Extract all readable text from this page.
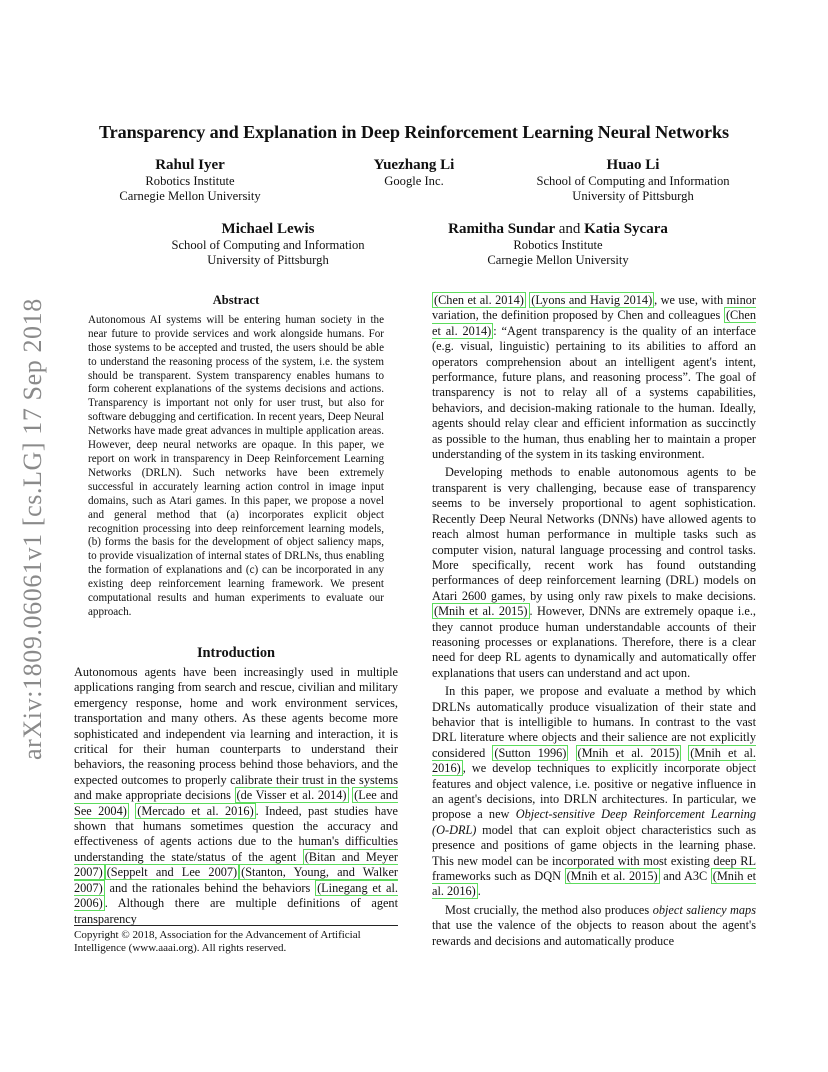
arXiv:1809.06061v1 [cs.LG] 17 Sep 2018
Transparency and Explanation in Deep Reinforcement Learning Neural Networks
Rahul Iyer
Robotics Institute
Carnegie Mellon University
Yuezhang Li
Google Inc.
Huao Li
School of Computing and Information
University of Pittsburgh
Michael Lewis
School of Computing and Information
University of Pittsburgh
Ramitha Sundar and Katia Sycara
Robotics Institute
Carnegie Mellon University
Abstract

Autonomous AI systems will be entering human society in the near future to provide services and work alongside humans. For those systems to be accepted and trusted, the users should be able to understand the reasoning process of the system, i.e. the system should be transparent. System transparency enables humans to form coherent explanations of the systems decisions and actions. Transparency is important not only for user trust, but also for software debugging and certification. In recent years, Deep Neural Networks have made great advances in multiple application areas. However, deep neural networks are opaque. In this paper, we report on work in transparency in Deep Reinforcement Learning Networks (DRLN). Such networks have been extremely successful in accurately learning action control in image input domains, such as Atari games. In this paper, we propose a novel and general method that (a) incorporates explicit object recognition processing into deep reinforcement learning models, (b) forms the basis for the development of object saliency maps, to provide visualization of internal states of DRLNs, thus enabling the formation of explanations and (c) can be incorporated in any existing deep reinforcement learning framework. We present computational results and human experiments to evaluate our approach.

Introduction

Autonomous agents have been increasingly used in multiple applications ranging from search and rescue, civilian and military emergency response, home and work environment services, transportation and many others. As these agents become more sophisticated and independent via learning and interaction, it is critical for their human counterparts to understand their behaviors, the reasoning process behind those behaviors, and the expected outcomes to properly calibrate their trust in the systems and make appropriate decisions (de Visser et al. 2014) (Lee and See 2004) (Mercado et al. 2016) . Indeed, past studies have shown that humans sometimes question the accuracy and effectiveness of agents actions due to the human's difficulties understanding the state/status of the agent (Bitan and Meyer 2007) (Seppelt and Lee 2007) (Stanton, Young, and Walker 2007) and the rationales behind the behaviors (Linegang et al. 2006) . Although there are multiple definitions of agent transparency

Copyright © 2018, Association for the Advancement of Artificial Intelligence (www.aaai.org). All rights reserved.

(Chen et al. 2014) (Lyons and Havig 2014) , we use, with minor variation, the definition proposed by Chen and colleagues (Chen et al. 2014) : “Agent transparency is the quality of an interface (e.g. visual, linguistic) pertaining to its abilities to afford an operators comprehension about an intelligent agent's intent, performance, future plans, and reasoning process”. The goal of transparency is not to relay all of a systems capabilities, behaviors, and decision-making rationale to the human. Ideally, agents should relay clear and efficient information as succinctly as possible to the human, thus enabling her to maintain a proper understanding of the system in its tasking environment.

Developing methods to enable autonomous agents to be transparent is very challenging, because ease of transparency seems to be inversely proportional to agent sophistication. Recently Deep Neural Networks (DNNs) have allowed agents to reach almost human performance in multiple tasks such as computer vision, natural language processing and control tasks. More specifically, recent work has found outstanding performances of deep reinforcement learning (DRL) models on Atari 2600 games, by using only raw pixels to make decisions. (Mnih et al. 2015) . However, DNNs are extremely opaque i.e., they cannot produce human understandable accounts of their reasoning processes or explanations. Therefore, there is a clear need for deep RL agents to dynamically and automatically offer explanations that users can understand and act upon.

In this paper, we propose and evaluate a method by which DRLNs automatically produce visualization of their state and behavior that is intelligible to humans. In contrast to the vast DRL literature where objects and their salience are not explicitly considered (Sutton 1996) (Mnih et al. 2015) (Mnih et al. 2016) , we develop techniques to explicitly incorporate object features and object valence, i.e. positive or negative influence in an agent's decisions, into DRLN architectures. In particular, we propose a new Object-sensitive Deep Reinforcement Learning (O-DRL) model that can exploit object characteristics such as presence and positions of game objects in the learning phase. This new model can be incorporated with most existing deep RL frameworks such as DQN (Mnih et al. 2015) and A3C (Mnih et al. 2016) .

Most crucially, the method also produces object saliency maps that use the valence of the objects to reason about the agent's rewards and decisions and automatically produce
